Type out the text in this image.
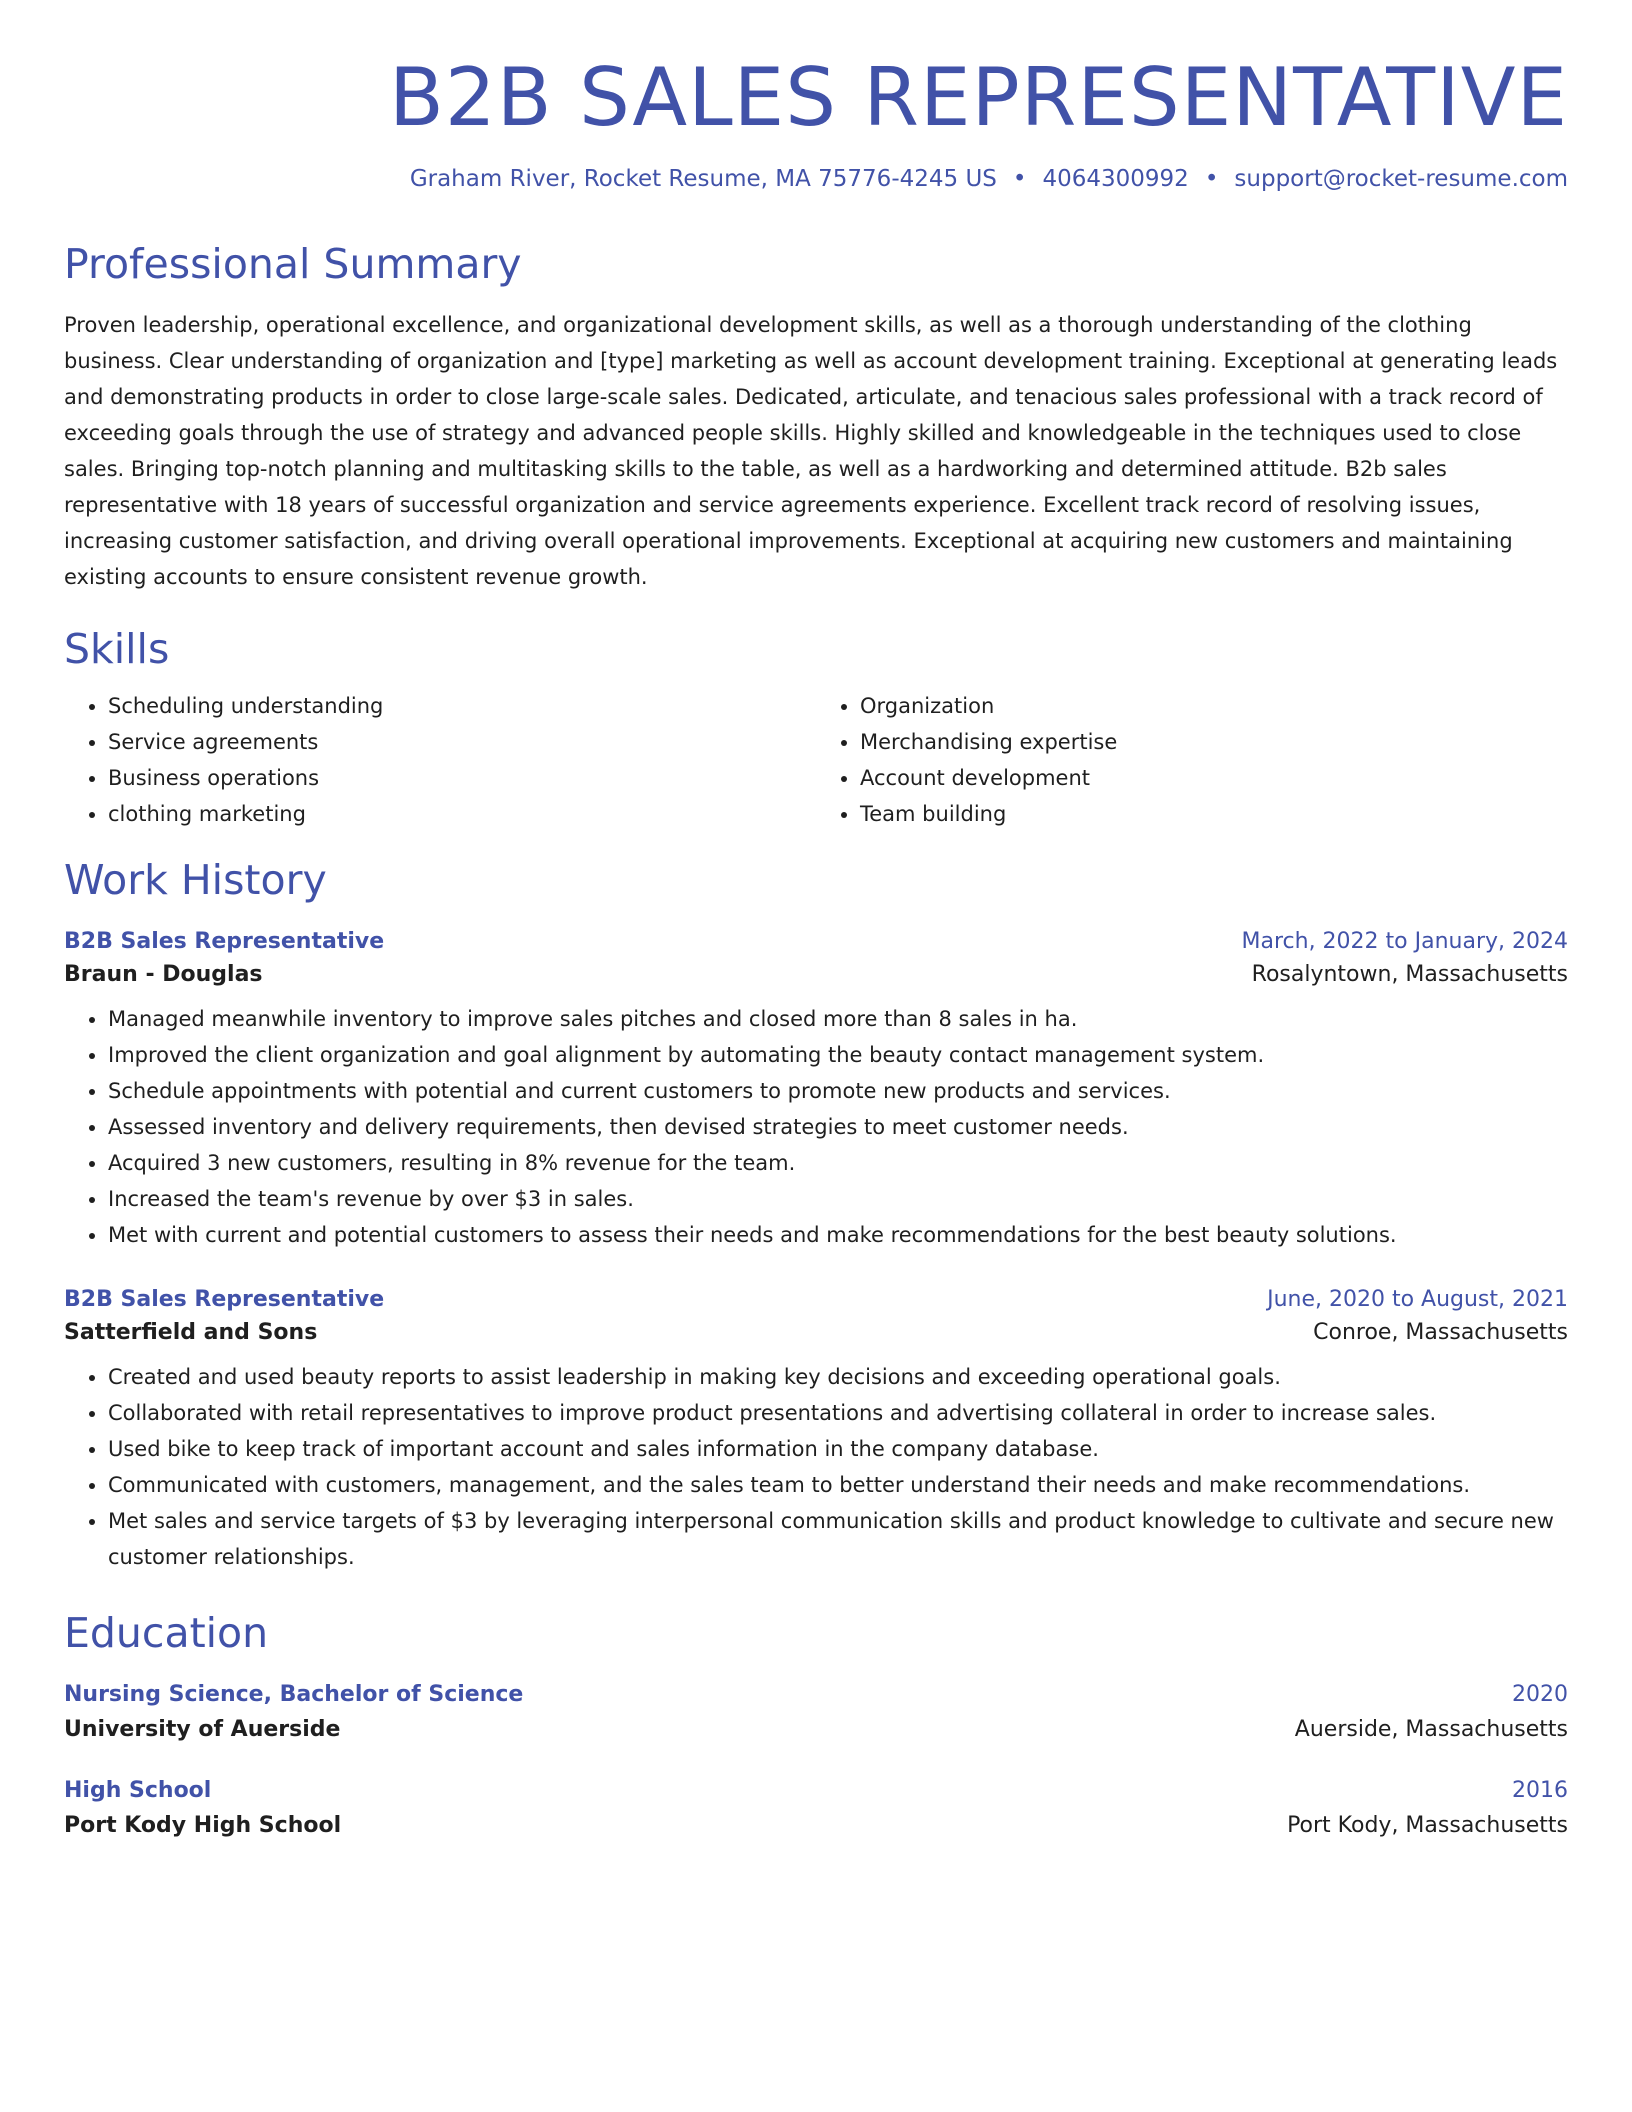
B2B SALES REPRESENTATIVE
Graham River, Rocket Resume, MA 75776-4245 US • 4064300992 • support@rocket-resume.com
Professional Summary

Proven leadership, operational excellence, and organizational development skills, as well as a thorough understanding of the clothing business. Clear understanding of organization and [type] marketing as well as account development training. Exceptional at generating leads and demonstrating products in order to close large-scale sales. Dedicated, articulate, and tenacious sales professional with a track record of exceeding goals through the use of strategy and advanced people skills. Highly skilled and knowledgeable in the techniques used to close sales. Bringing top-notch planning and multitasking skills to the table, as well as a hardworking and determined attitude. B2b sales representative with 18 years of successful organization and service agreements experience. Excellent track record of resolving issues, increasing customer satisfaction, and driving overall operational improvements. Exceptional at acquiring new customers and maintaining existing accounts to ensure consistent revenue growth.

Skills
• Scheduling understanding
• Service agreements
• Business operations
• clothing marketing
• Organization
• Merchandising expertise
• Account development
• Team building
Work History
B2B Sales Representative	March, 2022 to January, 2024
Braun - Douglas	Rosalyntown, Massachusetts
• Managed meanwhile inventory to improve sales pitches and closed more than 8 sales in ha.
• Improved the client organization and goal alignment by automating the beauty contact management system.
• Schedule appointments with potential and current customers to promote new products and services.
• Assessed inventory and delivery requirements, then devised strategies to meet customer needs.
• Acquired 3 new customers, resulting in 8% revenue for the team.
• Increased the team's revenue by over $3 in sales.
• Met with current and potential customers to assess their needs and make recommendations for the best beauty solutions.
B2B Sales Representative	June, 2020 to August, 2021
Satterfield and Sons	Conroe, Massachusetts
• Created and used beauty reports to assist leadership in making key decisions and exceeding operational goals.
• Collaborated with retail representatives to improve product presentations and advertising collateral in order to increase sales.
• Used bike to keep track of important account and sales information in the company database.
• Communicated with customers, management, and the sales team to better understand their needs and make recommendations.
• Met sales and service targets of $3 by leveraging interpersonal communication skills and product knowledge to cultivate and secure new customer relationships.
Education
Nursing Science, Bachelor of Science	2020
University of Auerside	Auerside, Massachusetts
High School	2016
Port Kody High School	Port Kody, Massachusetts
